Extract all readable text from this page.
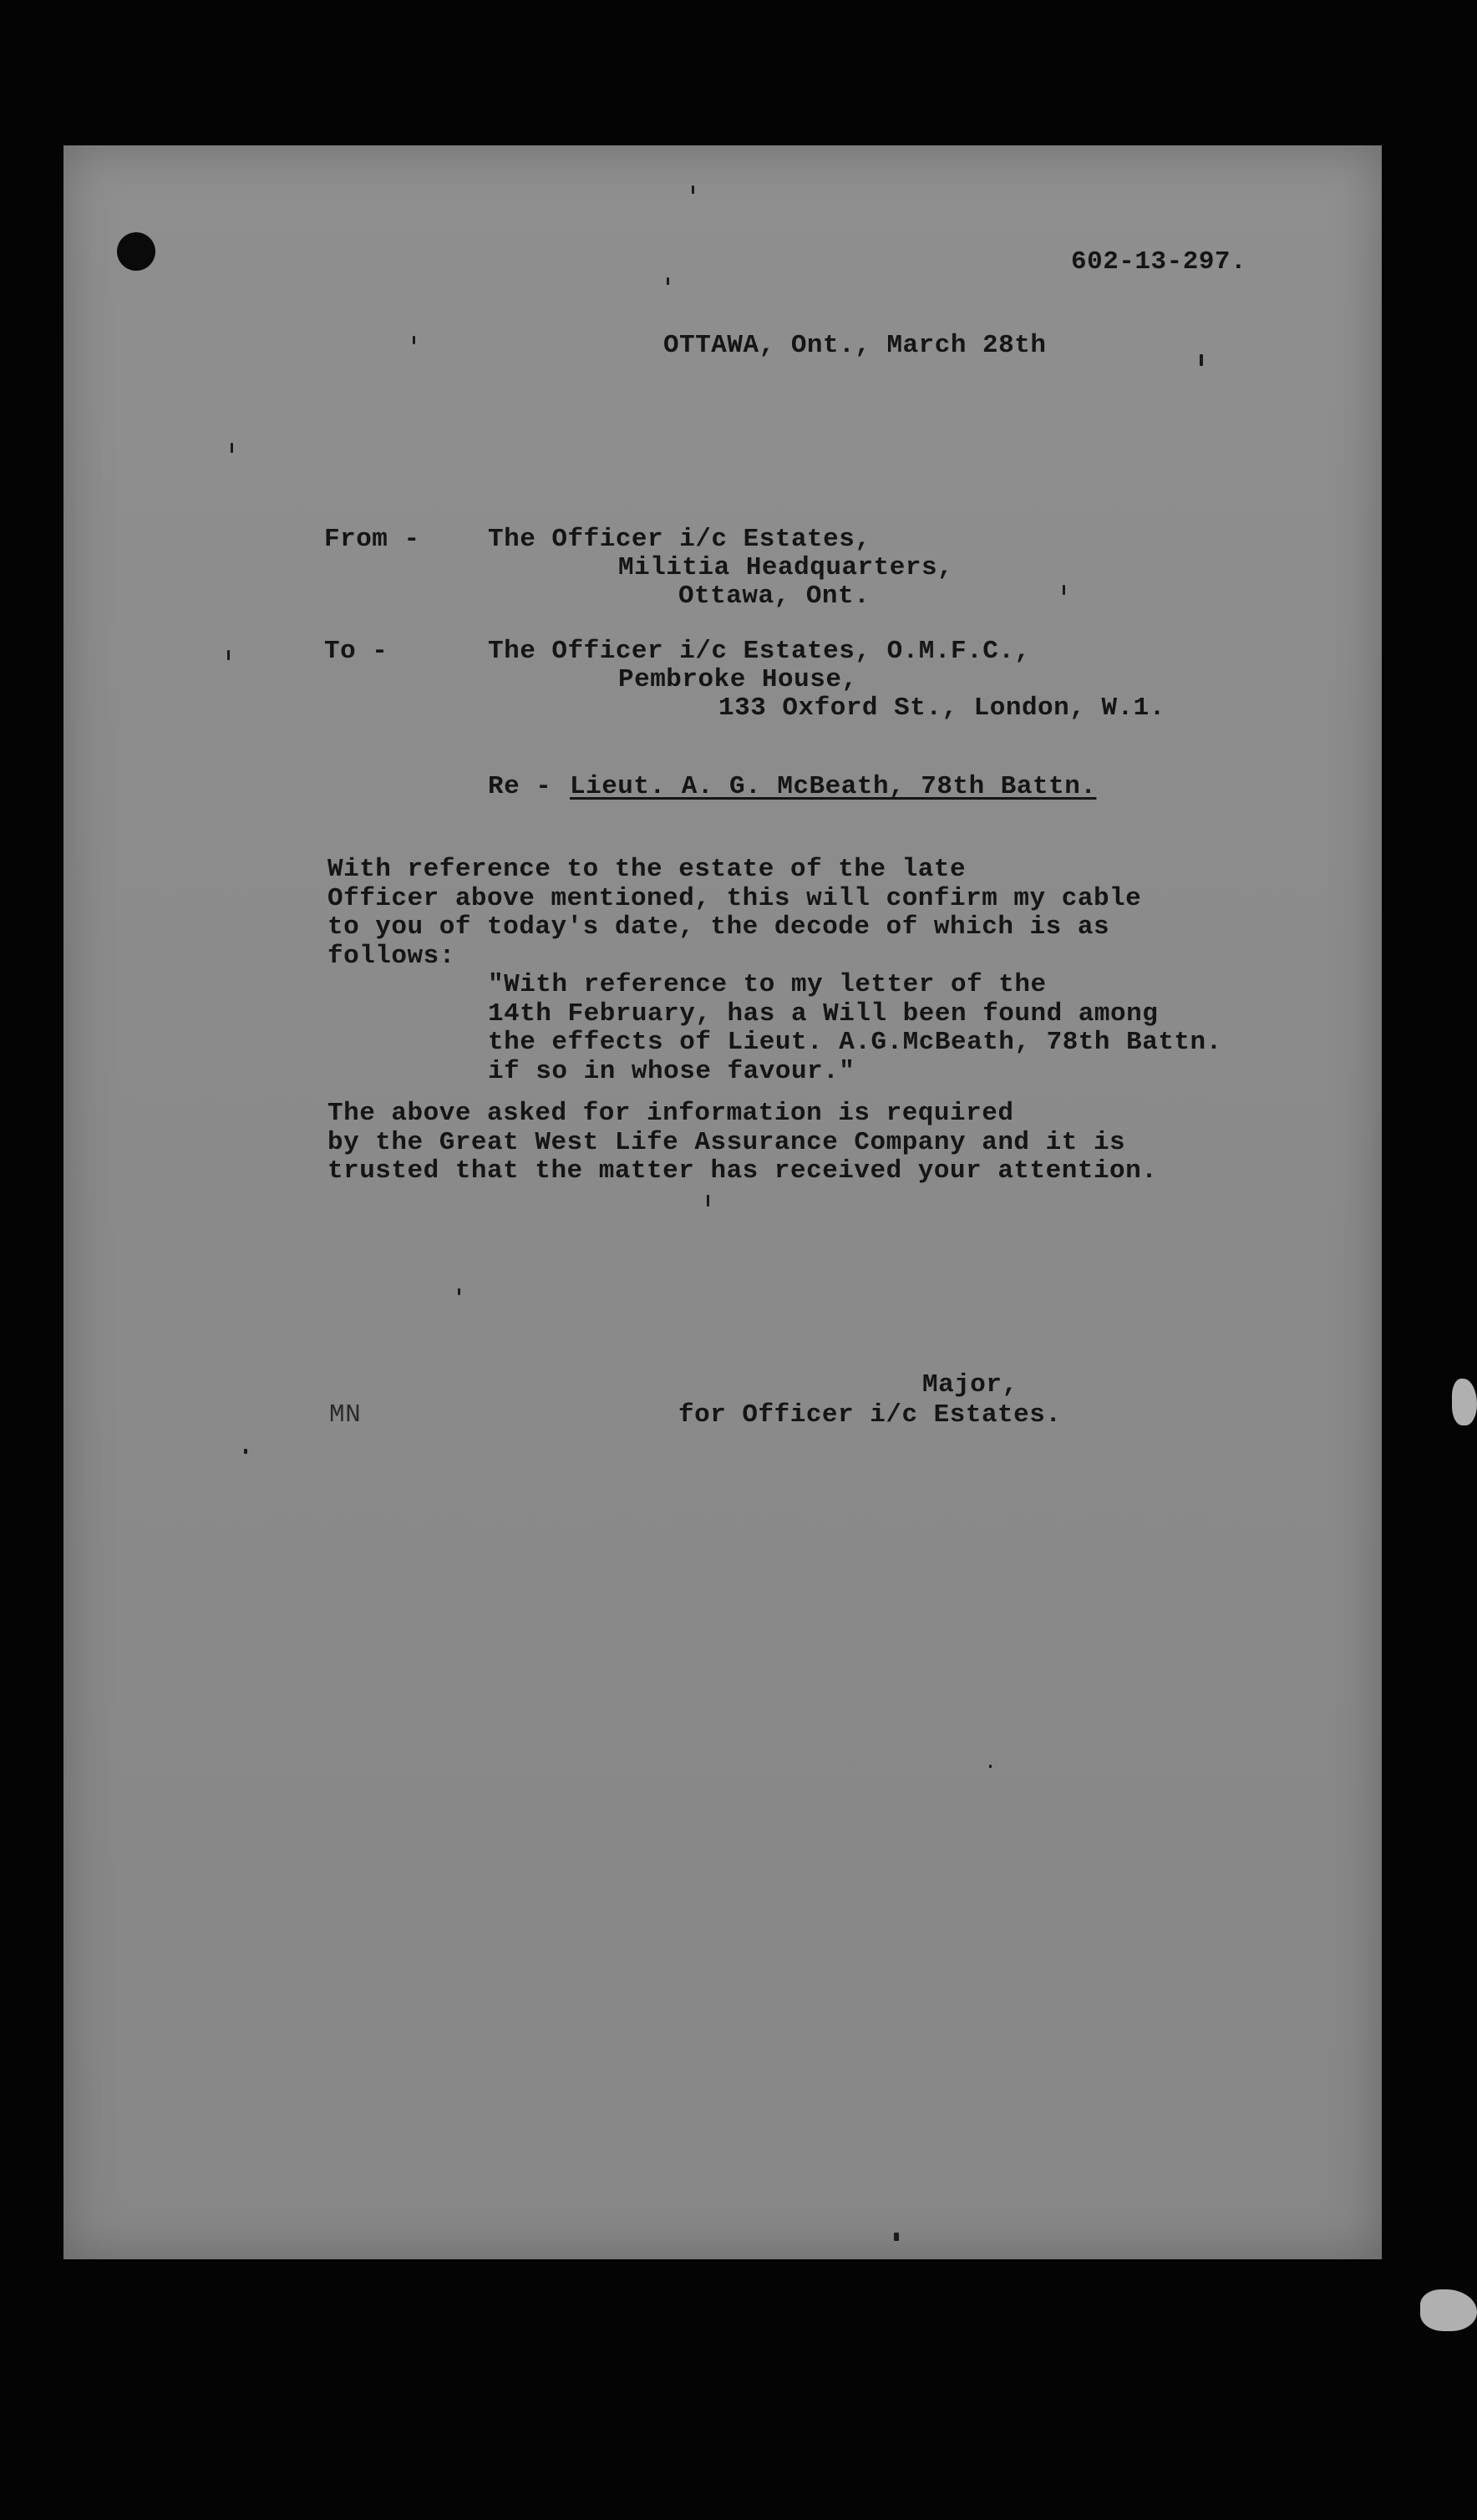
602-13-297.
OTTAWA, Ont., March 28th
From -	The Officer i/c Estates,
Militia Headquarters,
Ottawa, Ont.
To -	The Officer i/c Estates, O.M.F.C.,
Pembroke House,
133 Oxford St., London, W.1.
Re - Lieut. A. G. McBeath, 78th Battn.
With reference to the estate of the late
Officer above mentioned, this will confirm my cable
to you of today's date, the decode of which is as
follows:
"With reference to my letter of the
14th February, has a Will been found among
the effects of Lieut. A.G.McBeath, 78th Battn.
if so in whose favour."
The above asked for information is required
by the Great West Life Assurance Company and it is
trusted that the matter has received your attention.
Major,
for Officer i/c Estates.
MN
